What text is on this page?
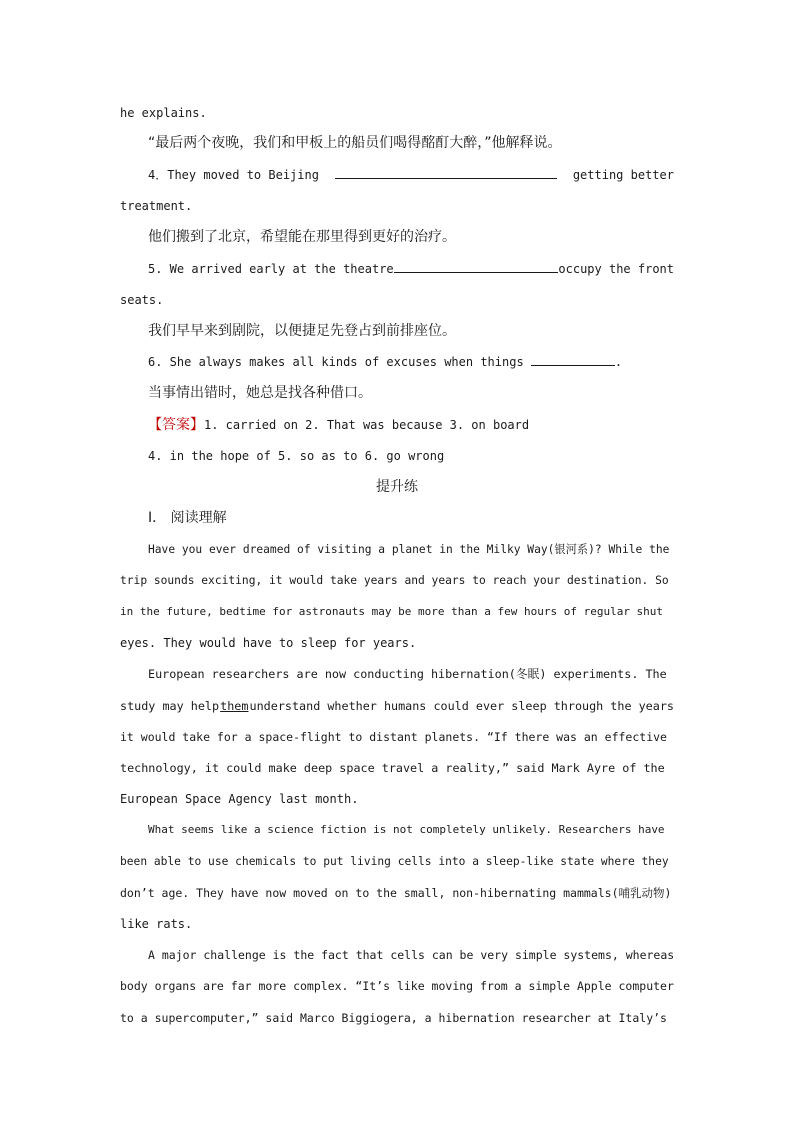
he explains.
“最后两个夜晚，我们和甲板上的船员们喝得酩酊大醉，”他解释说。
4．They moved to Beijing	getting better
treatment.
他们搬到了北京，希望能在那里得到更好的治疗。
5. We arrived early at the theatre	occupy the front
seats.
我们早早来到剧院，以便捷足先登占到前排座位。
6. She always makes all kinds of excuses when things	.
当事情出错时，她总是找各种借口。
【答案】1. carried on 2. That was because 3. on board
4. in the hope of 5. so as to 6. go wrong
提升练
Ⅰ． 阅读理解
Have you ever dreamed of visiting a planet in the Milky Way(银河系)? While the
trip sounds exciting, it would take years and years to reach your destination. So
in the future, bedtime for astronauts may be more than a few hours of regular shut
eyes. They would have to sleep for years.
European researchers are now conducting hibernation(冬眠) experiments. The
study may help them understand whether humans could ever sleep through the years
it would take for a space-flight to distant planets. “If there was an effective
technology, it could make deep space travel a reality,” said Mark Ayre of the
European Space Agency last month.
What seems like a science fiction is not completely unlikely. Researchers have
been able to use chemicals to put living cells into a sleep-like state where they
don’t age. They have now moved on to the small, non-hibernating mammals(哺乳动物)
like rats.
A major challenge is the fact that cells can be very simple systems, whereas
body organs are far more complex. “It’s like moving from a simple Apple computer
to a supercomputer,” said Marco Biggiogera, a hibernation researcher at Italy’s
